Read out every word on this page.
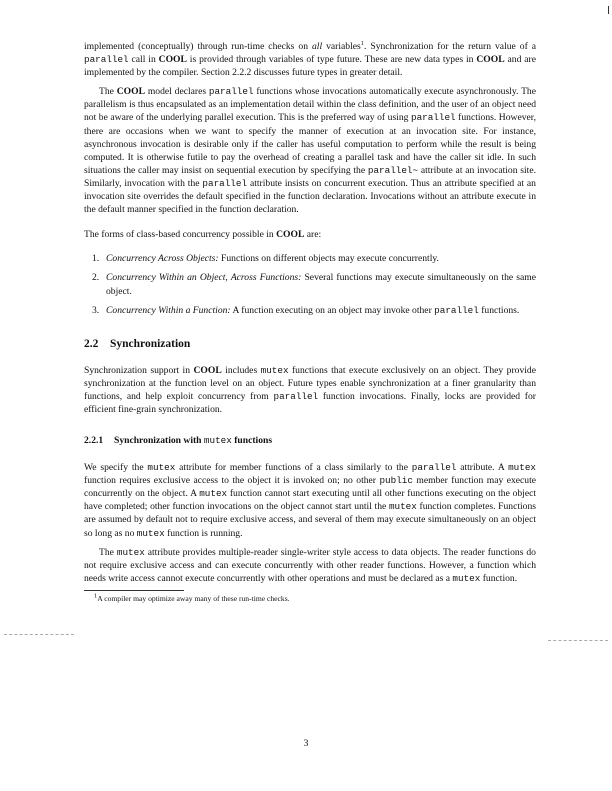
implemented (conceptually) through run-time checks on all variables$^1$. Synchronization for the return value of a parallel call in COOL is provided through variables of type future. These are new data types in COOL and are implemented by the compiler. Section 2.2.2 discusses future types in greater detail.

The COOL model declares parallel functions whose invocations automatically execute asynchronously. The parallelism is thus encapsulated as an implementation detail within the class definition, and the user of an object need not be aware of the underlying parallel execution. This is the preferred way of using parallel functions. However, there are occasions when we want to specify the manner of execution at an invocation site. For instance, asynchronous invocation is desirable only if the caller has useful computation to perform while the result is being computed. It is otherwise futile to pay the overhead of creating a parallel task and have the caller sit idle. In such situations the caller may insist on sequential execution by specifying the parallel~ attribute at an invocation site. Similarly, invocation with the parallel attribute insists on concurrent execution. Thus an attribute specified at an invocation site overrides the default specified in the function declaration. Invocations without an attribute execute in the default manner specified in the function declaration.

The forms of class-based concurrency possible in COOL are:

1. Concurrency Across Objects: Functions on different objects may execute concurrently.
2. Concurrency Within an Object, Across Functions: Several functions may execute simultaneously on the same object.
3. Concurrency Within a Function: A function executing on an object may invoke other parallel functions.
2.2 Synchronization

Synchronization support in COOL includes mutex functions that execute exclusively on an object. They provide synchronization at the function level on an object. Future types enable synchronization at a finer granularity than functions, and help exploit concurrency from parallel function invocations. Finally, locks are provided for efficient fine-grain synchronization.

2.2.1 Synchronization with mutex functions

We specify the mutex attribute for member functions of a class similarly to the parallel attribute. A mutex function requires exclusive access to the object it is invoked on; no other public member function may execute concurrently on the object. A mutex function cannot start executing until all other functions executing on the object have completed; other function invocations on the object cannot start until the mutex function completes. Functions are assumed by default not to require exclusive access, and several of them may execute simultaneously on an object so long as no mutex function is running.

The mutex attribute provides multiple-reader single-writer style access to data objects. The reader functions do not require exclusive access and can execute concurrently with other reader functions. However, a function which needs write access cannot execute concurrently with other operations and must be declared as a mutex function.

$^1$A compiler may optimize away many of these run-time checks.

3
